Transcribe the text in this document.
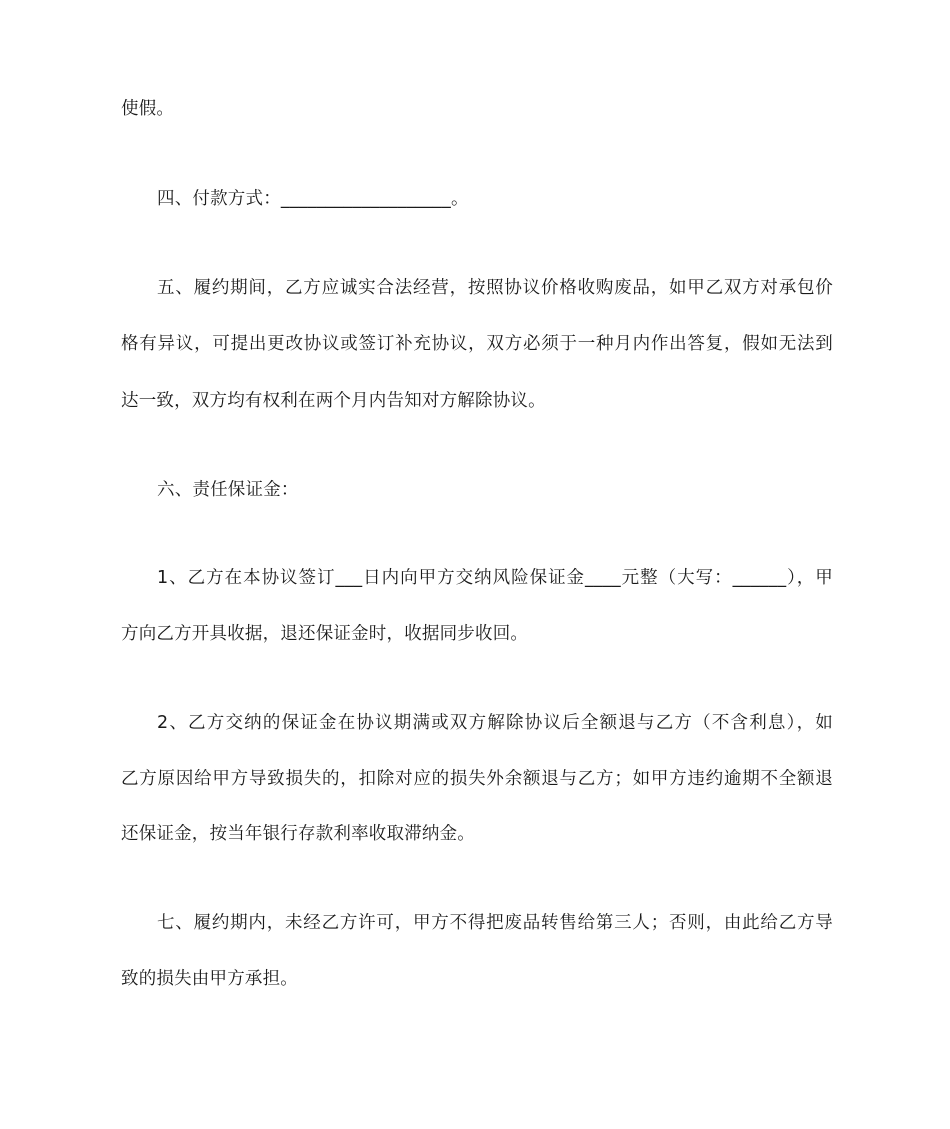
使假。
四、付款方式：___________________。
五、履约期间，乙方应诚实合法经营，按照协议价格收购废品，如甲乙双方对承包价
格有异议，可提出更改协议或签订补充协议，双方必须于一种月内作出答复，假如无法到
达一致，双方均有权利在两个月内告知对方解除协议。
六、责任保证金：
1、乙方在本协议签订___日内向甲方交纳风险保证金____元整（大写：______），甲
方向乙方开具收据，退还保证金时，收据同步收回。
2、乙方交纳的保证金在协议期满或双方解除协议后全额退与乙方（不含利息），如
乙方原因给甲方导致损失的，扣除对应的损失外余额退与乙方；如甲方违约逾期不全额退
还保证金，按当年银行存款利率收取滞纳金。
七、履约期内，未经乙方许可，甲方不得把废品转售给第三人；否则，由此给乙方导
致的损失由甲方承担。
